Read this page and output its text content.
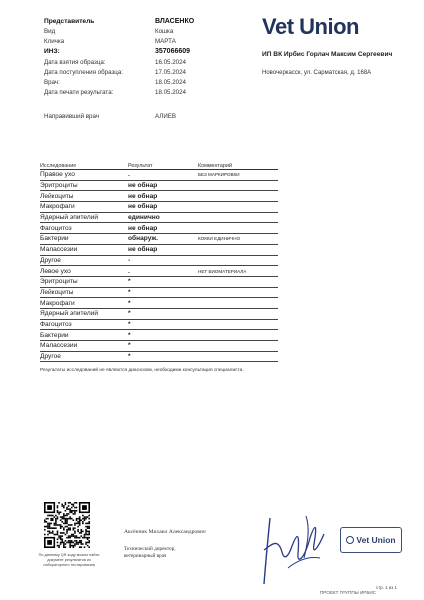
Представитель	ВЛАСЕНКО
Вид	Кошка
Кличка	МАРТА
ИНЗ:	357066609
Дата взятия образца:	16.05.2024
Дата поступления образца:	17.05.2024
Врач:	18.05.2024
Дата печати результата:	18.05.2024
Направивший врач	АЛИЕВ
Vet Union
ИП ВК Ирбис Горлач Максим Сергеевич
Новочеркасск, ул. Сарматская, д. 168А
Исследование	Результат	Комментарий
Правое ухо	.	БЕЗ МАРКИРОВКИ
Эритроциты	не обнар	
Лейкоциты	не обнар	
Макрофаги	не обнар	
Ядерный эпителий	единично	
Фагоцитоз	не обнар	
Бактерии	обнаруж.	КОККИ ЕДИНИЧНО
Малассезии	не обнар	
Другое	-	
Левое ухо	.	НЕТ БИОМАТЕРИАЛА
Эритроциты	*	
Лейкоциты	*	
Макрофаги	*	
Ядерный эпителий	*	
Фагоцитоз	*	
Бактерии	*	
Малассезии	*	
Другое	*	
Результаты исследований не являются диагнозом, необходима консультация специалиста.
По данному QR-коду можно найти документ результатов из лабораторного тестирования
Аксёнчик Михаил Александрович
Технический директор, ветеринарный врач
Vet Union
стр. 1 из 1
ПРОЕКТ ГРУППЫ ИРБИС
